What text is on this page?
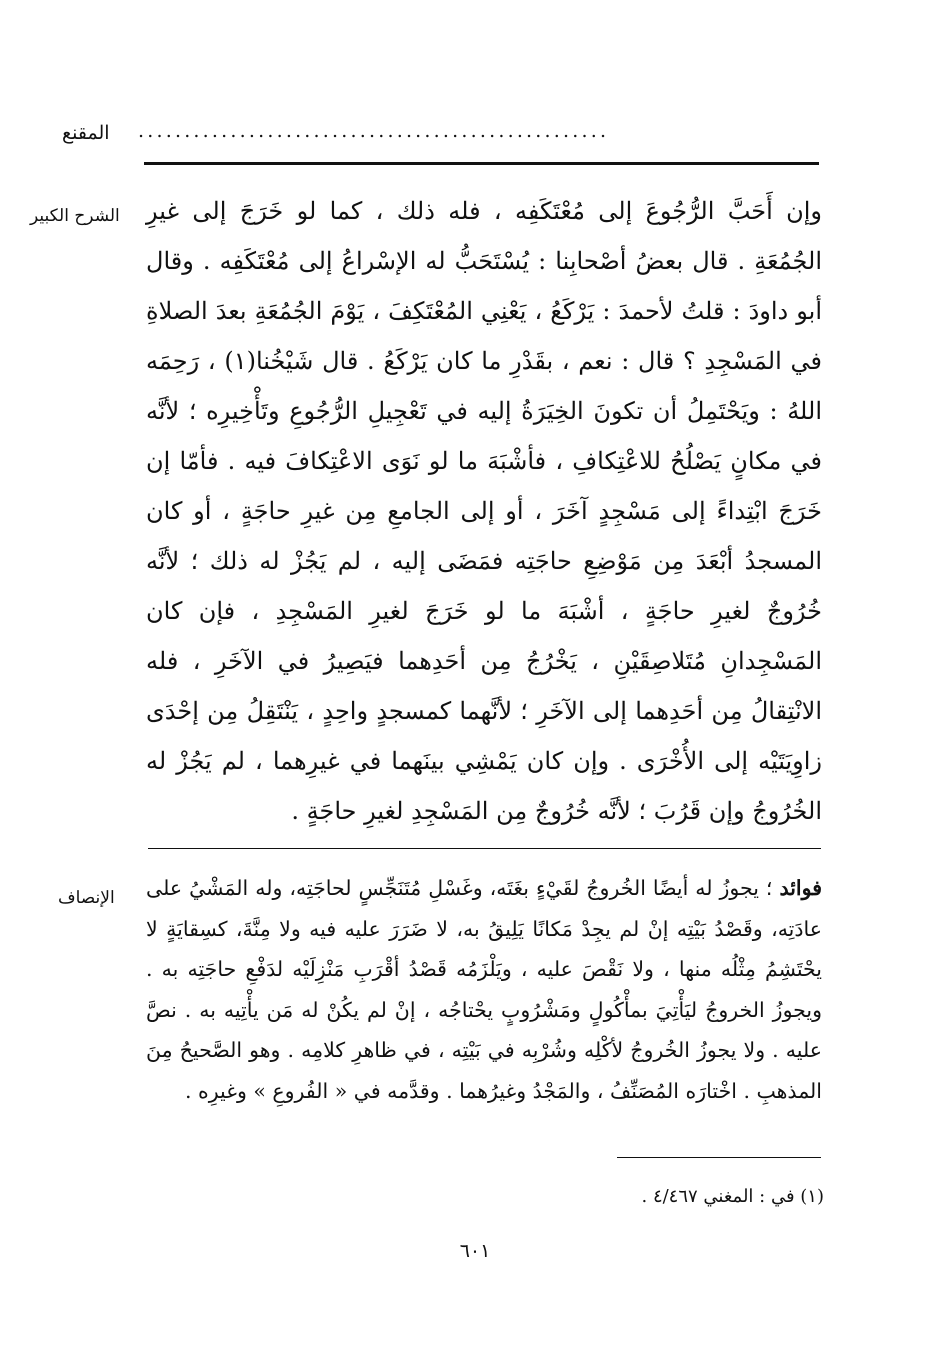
المقنع ...................................................
الشرح الكبير وإن أَحَبَّ الرُّجُوعَ إلى مُعْتَكَفِه ، فله ذلك ، كما لو خَرَجَ إلى غيرِ الجُمُعَةِ . قال بعضُ أصْحابِنا : يُسْتَحَبُّ له الإسْراعُ إلى مُعْتَكَفِه . وقال أبو داودَ : قلتُ لأحمدَ : يَرْكَعُ ، يَعْنِي المُعْتَكِفَ ، يَوْمَ الجُمُعَةِ بعدَ الصلاةِ في المَسْجِدِ ؟ قال : نعم ، بقَدْرِ ما كان يَرْكَعُ . قال شَيْخُنا(١) ، رَحِمَه اللهُ : ويَحْتَمِلُ أن تكونَ الخِيَرَةُ إليه في تَعْجِيلِ الرُّجُوعِ وتَأْخِيرِه ؛ لأنَّه في مكانٍ يَصْلُحُ للاعْتِكافِ ، فأشْبَهَ ما لو نَوَى الاعْتِكافَ فيه . فأمّا إن خَرَجَ ابْتِداءً إلى مَسْجِدٍ آخَرَ ، أو إلى الجامعِ مِن غيرِ حاجَةٍ ، أو كان المسجدُ أبْعَدَ مِن مَوْضِعِ حاجَتِه فمَضَى إليه ، لم يَجُزْ له ذلك ؛ لأنَّه خُرُوجٌ لغيرِ حاجَةٍ ، أشْبَهَ ما لو خَرَجَ لغيرِ المَسْجِدِ ، فإن كان المَسْجِدانِ مُتَلاصِقَيْنِ ، يَخْرُجُ مِن أحَدِهما فيَصِيرُ في الآخَرِ ، فله الانْتِقالُ مِن أحَدِهما إلى الآخَرِ ؛ لأنَّهما كمسجدٍ واحِدٍ ، يَنْتَقِلُ مِن إحْدَى زاوِيَتَيْه إلى الأُخْرَى . وإن كان يَمْشِي بينَهما في غيرِهما ، لم يَجُزْ له الخُرُوجُ وإن قَرُبَ ؛ لأنَّه خُرُوجٌ مِن المَسْجِدِ لغيرِ حاجَةٍ .

الإنصاف	فوائد ؛ يجوزُ له أيضًا الخُروجُ لقَيْءٍ بغَتَه، وغَسْلِ مُتَنَجِّسٍ لحاجَتِه، وله المَشْيُ على عادَتِه، وقَصْدُ بَيْتِه إنْ لم يجِدْ مَكانًا يَلِيقُ به، لا ضَرَرَ عليه فيه ولا مِنَّةَ، كسِقايَةٍ لا يحْتَشِمُ مِثْلُه منها ، ولا نَقْصَ عليه ، ويَلْزَمُه قَصْدُ أقْرَبِ مَنْزِلَيْه لدَفْعِ حاجَتِه به . ويجوزُ الخروجُ ليَأْتِيَ بمأْكُولٍ ومَشْرُوبٍ يحْتاجُه ، إنْ لم يكُنْ له مَن يأْتِيه به . نصَّ عليه . ولا يجوزُ الخُروجُ لأكْلِه وشُرْبِه في بَيْتِه ، في ظاهرِ كلامِه . وهو الصَّحيحُ مِنَ المذهبِ . اخْتارَه المُصَنِّفُ ، والمَجْدُ وغيرُهما . وقدَّمه في « الفُروعِ » وغيرِه .

(١) في : المغني ٤/٤٦٧ .
٦٠١
